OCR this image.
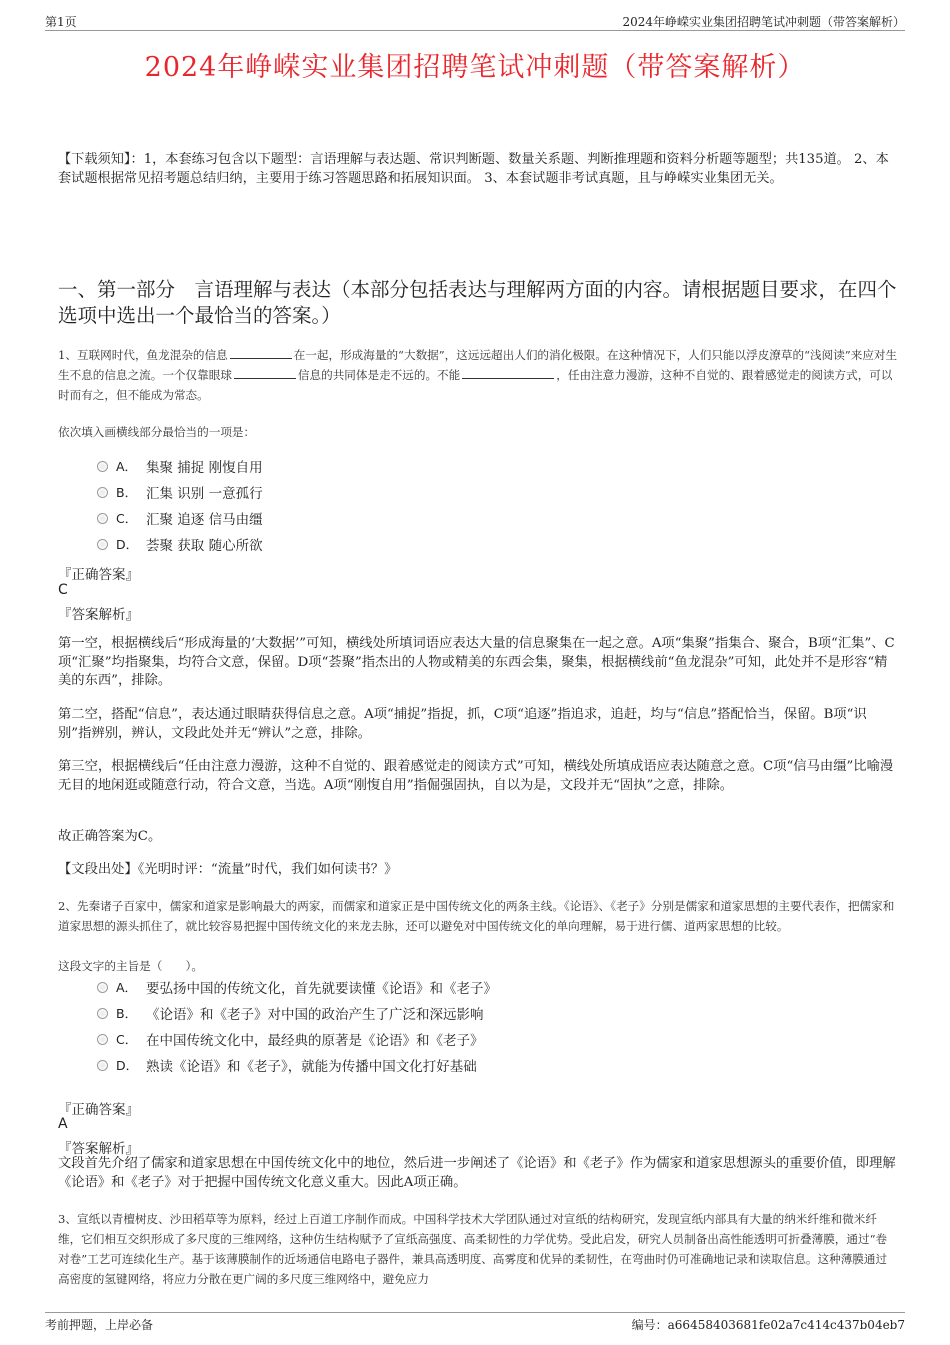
第1页	2024年峥嵘实业集团招聘笔试冲刺题（带答案解析）
2024年峥嵘实业集团招聘笔试冲刺题（带答案解析）
【下载须知】：1，本套练习包含以下题型：言语理解与表达题、常识判断题、数量关系题、判断推理题和资料分析题等题型；共135道。 2、本套试题根据常见招考题总结归纳，主要用于练习答题思路和拓展知识面。 3、本套试题非考试真题，且与峥嵘实业集团无关。
一、第一部分　言语理解与表达（本部分包括表达与理解两方面的内容。请根据题目要求，在四个选项中选出一个最恰当的答案。）
1、互联网时代，鱼龙混杂的信息	在一起，形成海量的“大数据”，这远远超出人们的消化极限。在这种情况下，人们只能以浮皮潦草的“浅阅读”来应对生生不息的信息之流。一个仅靠眼球	信息的共同体是走不远的。不能	，任由注意力漫游，这种不自觉的、跟着感觉走的阅读方式，可以时而有之，但不能成为常态。
依次填入画横线部分最恰当的一项是：
A． 集聚 捕捉 刚愎自用
B． 汇集 识别 一意孤行
C． 汇聚 追逐 信马由缰
D． 荟聚 获取 随心所欲
『正确答案』
C
『答案解析』
第一空，根据横线后“形成海量的‘大数据’”可知，横线处所填词语应表达大量的信息聚集在一起之意。A项“集聚”指集合、聚合，B项“汇集”、C项“汇聚”均指聚集，均符合文意，保留。D项“荟聚”指杰出的人物或精美的东西会集，聚集，根据横线前“鱼龙混杂”可知，此处并不是形容“精美的东西”，排除。
第二空，搭配“信息”，表达通过眼睛获得信息之意。A项“捕捉”指捉，抓，C项“追逐”指追求，追赶，均与“信息”搭配恰当，保留。B项“识别”指辨别，辨认，文段此处并无“辨认”之意，排除。
第三空，根据横线后“任由注意力漫游，这种不自觉的、跟着感觉走的阅读方式”可知，横线处所填成语应表达随意之意。C项“信马由缰”比喻漫无目的地闲逛或随意行动，符合文意，当选。A项“刚愎自用”指倔强固执，自以为是，文段并无“固执”之意，排除。
故正确答案为C。
【文段出处】《光明时评：“流量”时代，我们如何读书？》
2、先秦诸子百家中，儒家和道家是影响最大的两家，而儒家和道家正是中国传统文化的两条主线。《论语》、《老子》分别是儒家和道家思想的主要代表作，把儒家和道家思想的源头抓住了，就比较容易把握中国传统文化的来龙去脉，还可以避免对中国传统文化的单向理解，易于进行儒、道两家思想的比较。
这段文字的主旨是（　　）。
A． 要弘扬中国的传统文化，首先就要读懂《论语》和《老子》
B． 《论语》和《老子》对中国的政治产生了广泛和深远影响
C． 在中国传统文化中，最经典的原著是《论语》和《老子》
D． 熟读《论语》和《老子》，就能为传播中国文化打好基础
『正确答案』
A
『答案解析』
文段首先介绍了儒家和道家思想在中国传统文化中的地位，然后进一步阐述了《论语》和《老子》作为儒家和道家思想源头的重要价值，即理解《论语》和《老子》对于把握中国传统文化意义重大。因此A项正确。
3、宣纸以青檀树皮、沙田稻草等为原料，经过上百道工序制作而成。中国科学技术大学团队通过对宣纸的结构研究，发现宣纸内部具有大量的纳米纤维和微米纤维，它们相互交织形成了多尺度的三维网络，这种仿生结构赋予了宣纸高强度、高柔韧性的力学优势。受此启发，研究人员制备出高性能透明可折叠薄膜，通过“卷对卷”工艺可连续化生产。基于该薄膜制作的近场通信电路电子器件，兼具高透明度、高雾度和优异的柔韧性，在弯曲时仍可准确地记录和读取信息。这种薄膜通过高密度的氢键网络，将应力分散在更广阔的多尺度三维网络中，避免应力
考前押题，上岸必备	编号：a66458403681fe02a7c414c437b04eb7
